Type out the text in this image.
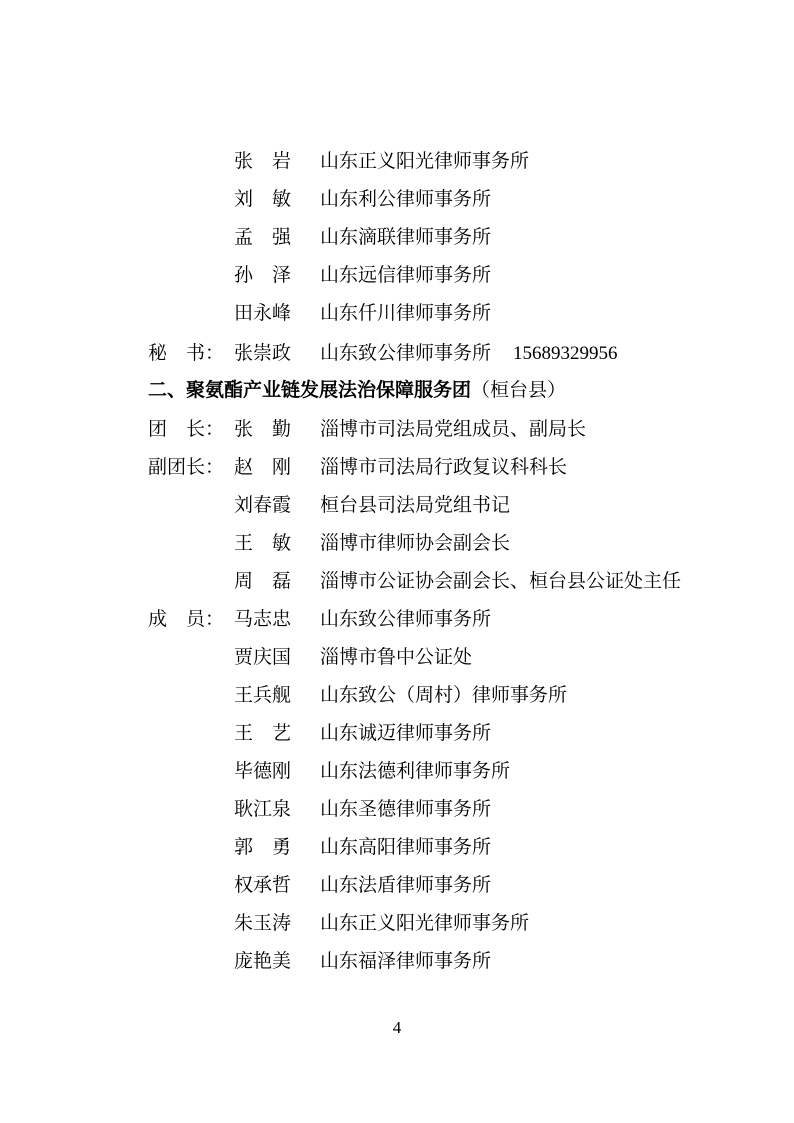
张　岩	山东正义阳光律师事务所
刘　敏	山东利公律师事务所
孟　强	山东滴联律师事务所
孙　泽	山东远信律师事务所
田永峰	山东仟川律师事务所
秘　书： 张崇政	山东致公律师事务所 15689329956
二、聚氨酯产业链发展法治保障服务团（桓台县）
团　长： 张　勤	淄博市司法局党组成员、副局长
副团长： 赵　刚	淄博市司法局行政复议科科长
刘春霞	桓台县司法局党组书记
王　敏	淄博市律师协会副会长
周　磊	淄博市公证协会副会长、桓台县公证处主任
成　员： 马志忠	山东致公律师事务所
贾庆国	淄博市鲁中公证处
王兵舰	山东致公（周村）律师事务所
王　艺	山东诚迈律师事务所
毕德刚	山东法德利律师事务所
耿江泉	山东圣德律师事务所
郭　勇	山东高阳律师事务所
权承哲	山东法盾律师事务所
朱玉涛	山东正义阳光律师事务所
庞艳美	山东福泽律师事务所
4
